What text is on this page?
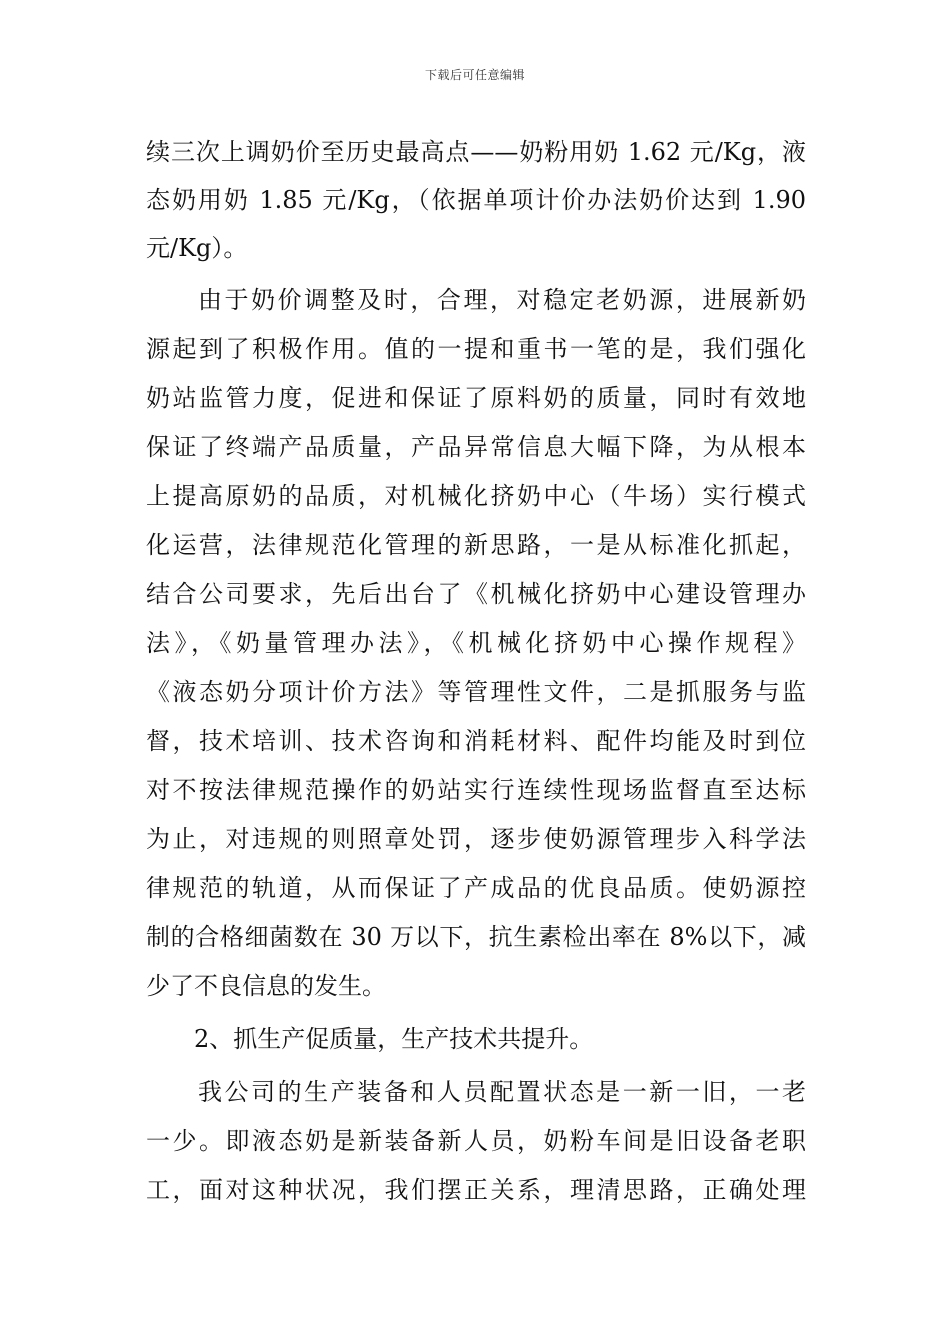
下载后可任意编辑
续三次上调奶价至历史最高点——奶粉用奶 1.62 元/Kg，液
态奶用奶 1.85 元/Kg，（依据单项计价办法奶价达到 1.90
元/Kg）。
由于奶价调整及时，合理，对稳定老奶源，进展新奶
源起到了积极作用。值的一提和重书一笔的是，我们强化
奶站监管力度，促进和保证了原料奶的质量，同时有效地
保证了终端产品质量，产品异常信息大幅下降，为从根本
上提高原奶的品质，对机械化挤奶中心（牛场）实行模式
化运营，法律规范化管理的新思路，一是从标准化抓起，
结合公司要求，先后出台了《机械化挤奶中心建设管理办
法》，《奶量管理办法》，《机械化挤奶中心操作规程》
《液态奶分项计价方法》等管理性文件，二是抓服务与监
督，技术培训、技术咨询和消耗材料、配件均能及时到位
对不按法律规范操作的奶站实行连续性现场监督直至达标
为止，对违规的则照章处罚，逐步使奶源管理步入科学法
律规范的轨道，从而保证了产成品的优良品质。使奶源控
制的合格细菌数在 30 万以下，抗生素检出率在 8%以下，减
少了不良信息的发生。
2、抓生产促质量，生产技术共提升。
我公司的生产装备和人员配置状态是一新一旧，一老
一少。即液态奶是新装备新人员，奶粉车间是旧设备老职
工，面对这种状况，我们摆正关系，理清思路，正确处理
